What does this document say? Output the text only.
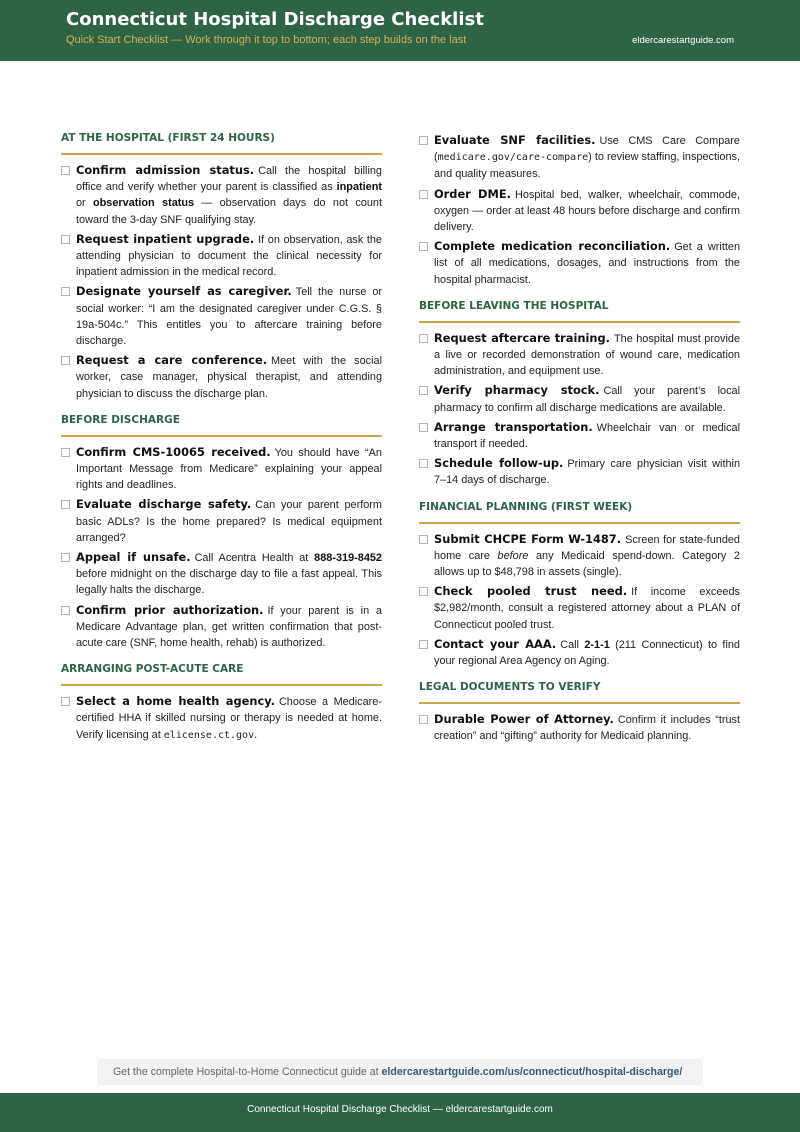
Connecticut Hospital Discharge Checklist
Quick Start Checklist — Work through it top to bottom; each step builds on the last	eldercarestartguide.com
AT THE HOSPITAL (FIRST 24 HOURS)
Confirm admission status. Call the hospital billing office and verify whether your parent is classified as inpatient or observation status — observation days do not count toward the 3-day SNF qualifying stay.
Request inpatient upgrade. If on observation, ask the attending physician to document the clinical necessity for inpatient admission in the medical record.
Designate yourself as caregiver. Tell the nurse or social worker: “I am the designated caregiver under C.G.S. § 19a-504c.” This entitles you to aftercare training before discharge.
Request a care conference. Meet with the social worker, case manager, physical therapist, and attending physician to discuss the discharge plan.
BEFORE DISCHARGE
Confirm CMS-10065 received. You should have “An Important Message from Medicare” explaining your appeal rights and deadlines.
Evaluate discharge safety. Can your parent perform basic ADLs? Is the home prepared? Is medical equipment arranged?
Appeal if unsafe. Call Acentra Health at 888-319-8452 before midnight on the discharge day to file a fast appeal. This legally halts the discharge.
Confirm prior authorization. If your parent is in a Medicare Advantage plan, get written confirmation that post-acute care (SNF, home health, rehab) is authorized.
ARRANGING POST-ACUTE CARE
Select a home health agency. Choose a Medicare-certified HHA if skilled nursing or therapy is needed at home. Verify licensing at elicense.ct.gov.
Evaluate SNF facilities. Use CMS Care Compare (medicare.gov/care-compare) to review staffing, inspections, and quality measures.
Order DME. Hospital bed, walker, wheelchair, commode, oxygen — order at least 48 hours before discharge and confirm delivery.
Complete medication reconciliation. Get a written list of all medications, dosages, and instructions from the hospital pharmacist.
BEFORE LEAVING THE HOSPITAL
Request aftercare training. The hospital must provide a live or recorded demonstration of wound care, medication administration, and equipment use.
Verify pharmacy stock. Call your parent’s local pharmacy to confirm all discharge medications are available.
Arrange transportation. Wheelchair van or medical transport if needed.
Schedule follow-up. Primary care physician visit within 7–14 days of discharge.
FINANCIAL PLANNING (FIRST WEEK)
Submit CHCPE Form W-1487. Screen for state-funded home care before any Medicaid spend-down. Category 2 allows up to $48,798 in assets (single).
Check pooled trust need. If income exceeds $2,982/month, consult a registered attorney about a PLAN of Connecticut pooled trust.
Contact your AAA. Call 2-1-1 (211 Connecticut) to find your regional Area Agency on Aging.
LEGAL DOCUMENTS TO VERIFY
Durable Power of Attorney. Confirm it includes “trust creation” and “gifting” authority for Medicaid planning.
Get the complete Hospital-to-Home Connecticut guide at eldercarestartguide.com/us/connecticut/hospital-discharge/
Connecticut Hospital Discharge Checklist — eldercarestartguide.com
